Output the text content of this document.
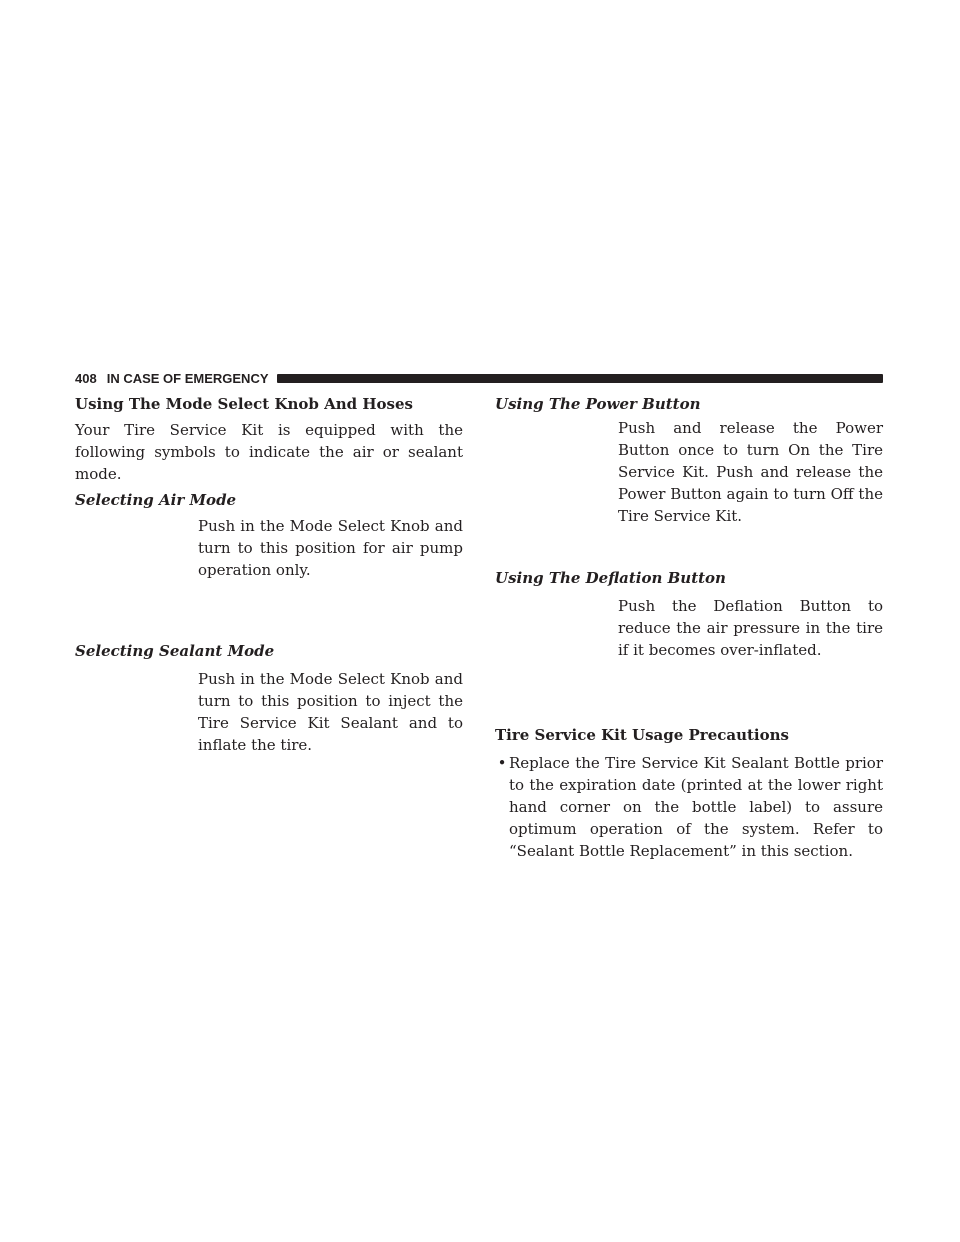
408 IN CASE OF EMERGENCY

Using The Mode Select Knob And Hoses

Your Tire Service Kit is equipped with the following symbols to indicate the air or sealant mode.

Selecting Air Mode

Push in the Mode Select Knob and turn to this position for air pump operation only.

Selecting Sealant Mode

Push in the Mode Select Knob and turn to this position to inject the Tire Service Kit Sealant and to inflate the tire.

Using The Power Button

Push and release the Power Button once to turn On the Tire Service Kit. Push and release the Power Button again to turn Off the Tire Service Kit.

Using The Deflation Button

Push the Deflation Button to reduce the air pressure in the tire if it becomes over-inflated.

Tire Service Kit Usage Precautions

• Replace the Tire Service Kit Sealant Bottle prior to the expiration date (printed at the lower right hand corner on the bottle label) to assure optimum operation of the system. Refer to “Sealant Bottle Replacement” in this section.
